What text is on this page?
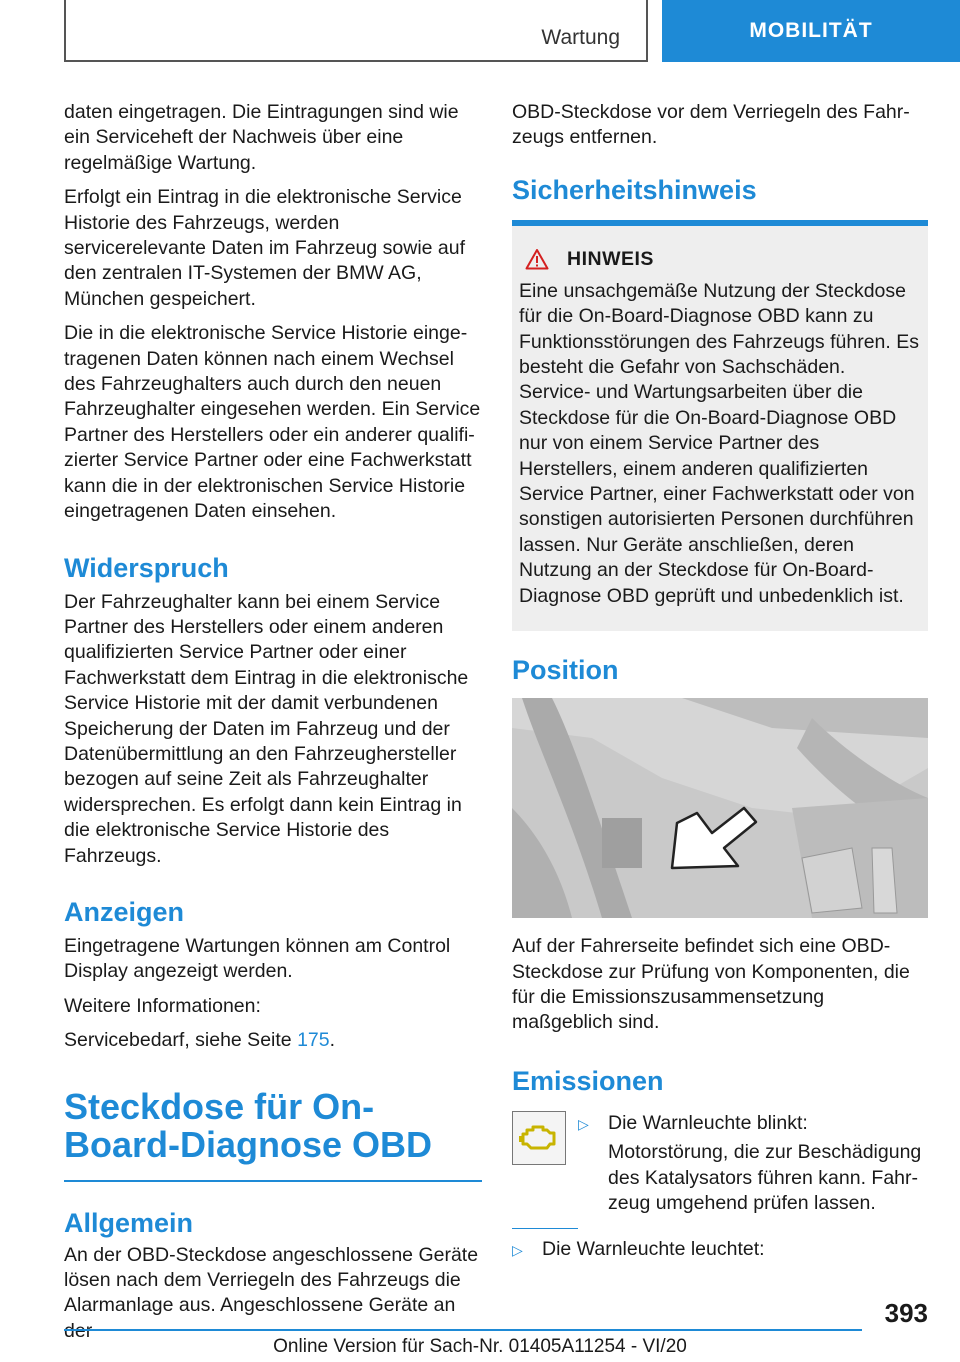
Wartung	MOBILITÄT

daten eingetragen. Die Eintragungen sind wie ein Serviceheft der Nachweis über eine regelmäßige Wartung.

Erfolgt ein Eintrag in die elektronische Service Historie des Fahrzeugs, werden servicerelevante Daten im Fahrzeug sowie auf den zentralen IT-Systemen der BMW AG, München gespeichert.

Die in die elektronische Service Historie eingetragenen Daten können nach einem Wechsel des Fahrzeughalters auch durch den neuen Fahrzeughalter eingesehen werden. Ein Service Partner des Herstellers oder ein anderer qualifizierter Service Partner oder eine Fachwerkstatt kann die in der elektronischen Service Historie eingetragenen Daten einsehen.

Widerspruch

Der Fahrzeughalter kann bei einem Service Partner des Herstellers oder einem anderen qualifizierten Service Partner oder einer Fachwerkstatt dem Eintrag in die elektronische Service Historie mit der damit verbundenen Speicherung der Daten im Fahrzeug und der Datenübermittlung an den Fahrzeughersteller bezogen auf seine Zeit als Fahrzeughalter widersprechen. Es erfolgt dann kein Eintrag in die elektronische Service Historie des Fahrzeugs.

Anzeigen

Eingetragene Wartungen können am Control Display angezeigt werden.

Weitere Informationen:

Servicebedarf, siehe Seite 175.

Steckdose für On-Board-Diagnose OBD
Allgemein

An der OBD-Steckdose angeschlossene Geräte lösen nach dem Verriegeln des Fahrzeugs die Alarmanlage aus. Angeschlossene Geräte an

OBD-Steckdose vor dem Verriegeln des Fahrzeugs entfernen.

Sicherheitshinweis
HINWEIS

Eine unsachgemäße Nutzung der Steckdose für die On-Board-Diagnose OBD kann zu Funktionsstörungen des Fahrzeugs führen. Es besteht die Gefahr von Sachschäden. Service- und Wartungsarbeiten über die Steckdose für die On-Board-Diagnose OBD nur von einem Service Partner des Herstellers, einem anderen qualifizierten Service Partner, einer Fachwerkstatt oder von sonstigen autorisierten Personen durchführen lassen. Nur Geräte anschließen, deren Nutzung an der Steckdose für On-Board-Diagnose OBD geprüft und unbedenklich ist.

Position

Auf der Fahrerseite befindet sich eine OBD-Steckdose zur Prüfung von Komponenten, die für die Emissionszusammensetzung maßgeblich sind.

Emissionen
▷ Die Warnleuchte blinkt:

Motorstörung, die zur Beschädigung des Katalysators führen kann. Fahrzeug umgehend prüfen lassen.

▷ Die Warnleuchte leuchtet:

393
Online Version für Sach-Nr. 01405A11254 - VI/20
